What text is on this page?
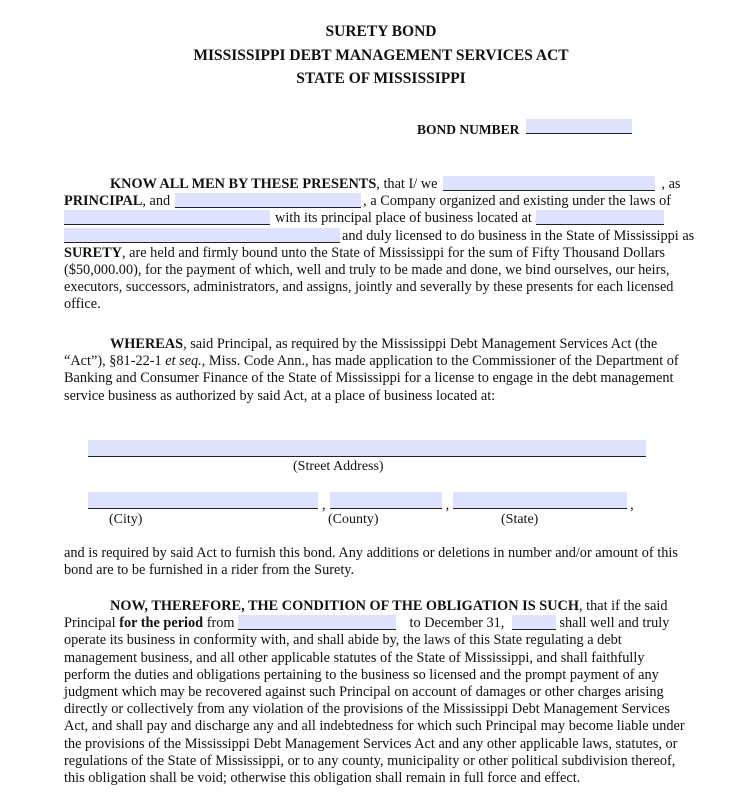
SURETY BOND
MISSISSIPPI DEBT MANAGEMENT SERVICES ACT
STATE OF MISSISSIPPI
BOND NUMBER
KNOW ALL MEN BY THESE PRESENTS , that I/ we	, as
PRINCIPAL , and	, a Company organized and existing under the laws of
with its principal place of business located at
and duly licensed to do business in the State of Mississippi as
SURETY , are held and firmly bound unto the State of Mississippi for the sum of Fifty Thousand Dollars
($50,000.00), for the payment of which, well and truly to be made and done, we bind ourselves, our heirs,
executors, successors, administrators, and assigns, jointly and severally by these presents for each licensed
office.
WHEREAS , said Principal, as required by the Mississippi Debt Management Services Act (the
“Act”), §81-22-1
et seq. , Miss. Code Ann., has made application to the Commissioner of the Department of
Banking and Consumer Finance of the State of Mississippi for a license to engage in the debt management
service business as authorized by said Act, at a place of business located at:
(Street Address)
,	,	,
(City)	(County)	(State)
and is required by said Act to furnish this bond. Any additions or deletions in number and/or amount of this
bond are to be furnished in a rider from the Surety.
NOW, THEREFORE, THE CONDITION OF THE OBLIGATION IS SUCH , that if the said
Principal
for the period
from	to December 31,	shall well and truly
operate its business in conformity with, and shall abide by, the laws of this State regulating a debt
management business, and all other applicable statutes of the State of Mississippi, and shall faithfully
perform the duties and obligations pertaining to the business so licensed and the prompt payment of any
judgment which may be recovered against such Principal on account of damages or other charges arising
directly or collectively from any violation of the provisions of the Mississippi Debt Management Services
Act, and shall pay and discharge any and all indebtedness for which such Principal may become liable under
the provisions of the Mississippi Debt Management Services Act and any other applicable laws, statutes, or
regulations of the State of Mississippi, or to any county, municipality or other political subdivision thereof,
this obligation shall be void; otherwise this obligation shall remain in full force and effect.
